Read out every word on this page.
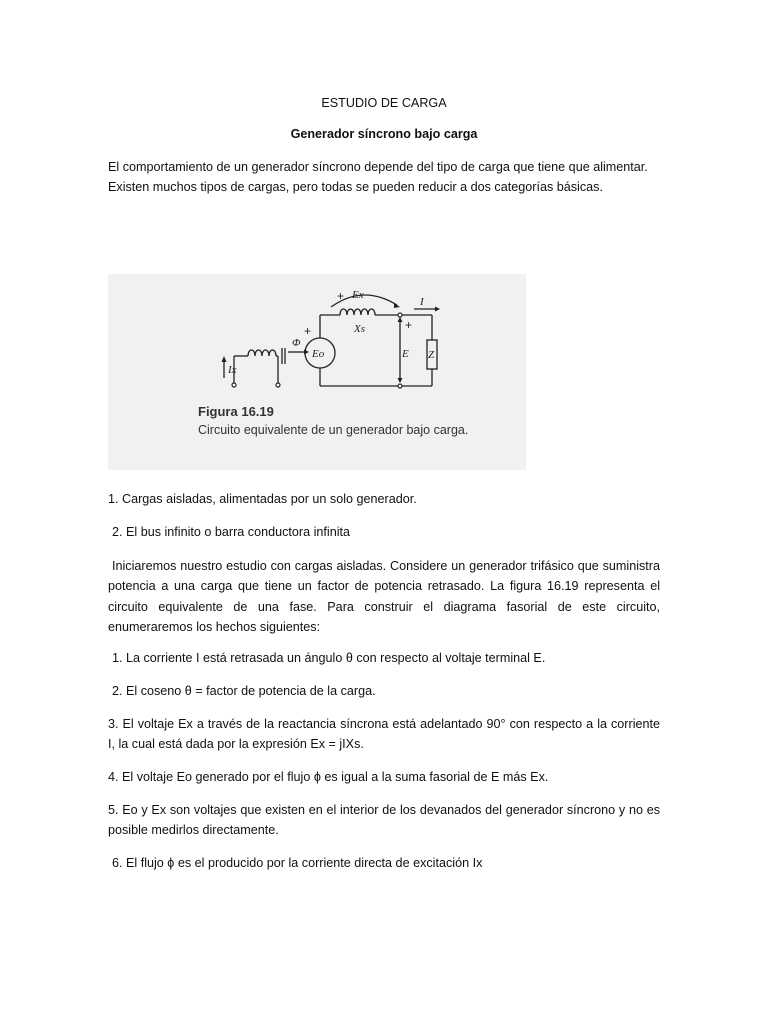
ESTUDIO DE CARGA
Generador síncrono bajo carga
El comportamiento de un generador síncrono depende del tipo de carga que tiene que alimentar.
Existen muchos tipos de cargas, pero todas se pueden reducir a dos categorías básicas.
+ Ex
Xs
I
+
+
Eo	E Z
Φ
Ix
Figura 16.19
Circuito equivalente de un generador bajo carga.
1. Cargas aisladas, alimentadas por un solo generador.
2. El bus infinito o barra conductora infinita
Iniciaremos nuestro estudio con cargas aisladas. Considere un generador trifásico que suministra potencia a una carga que tiene un factor de potencia retrasado. La figura 16.19 representa el circuito equivalente de una fase. Para construir el diagrama fasorial de este circuito, enumeraremos los hechos siguientes:
1. La corriente I está retrasada un ángulo θ con respecto al voltaje terminal E.
2. El coseno θ = factor de potencia de la carga.
3. El voltaje Ex a través de la reactancia síncrona está adelantado 90° con respecto a la corriente I, la cual está dada por la expresión Ex = jIXs.
4. El voltaje Eo generado por el flujo ϕ es igual a la suma fasorial de E más Ex.
5. Eo y Ex son voltajes que existen en el interior de los devanados del generador síncrono y no es posible medirlos directamente.
6. El flujo ϕ es el producido por la corriente directa de excitación Ix
